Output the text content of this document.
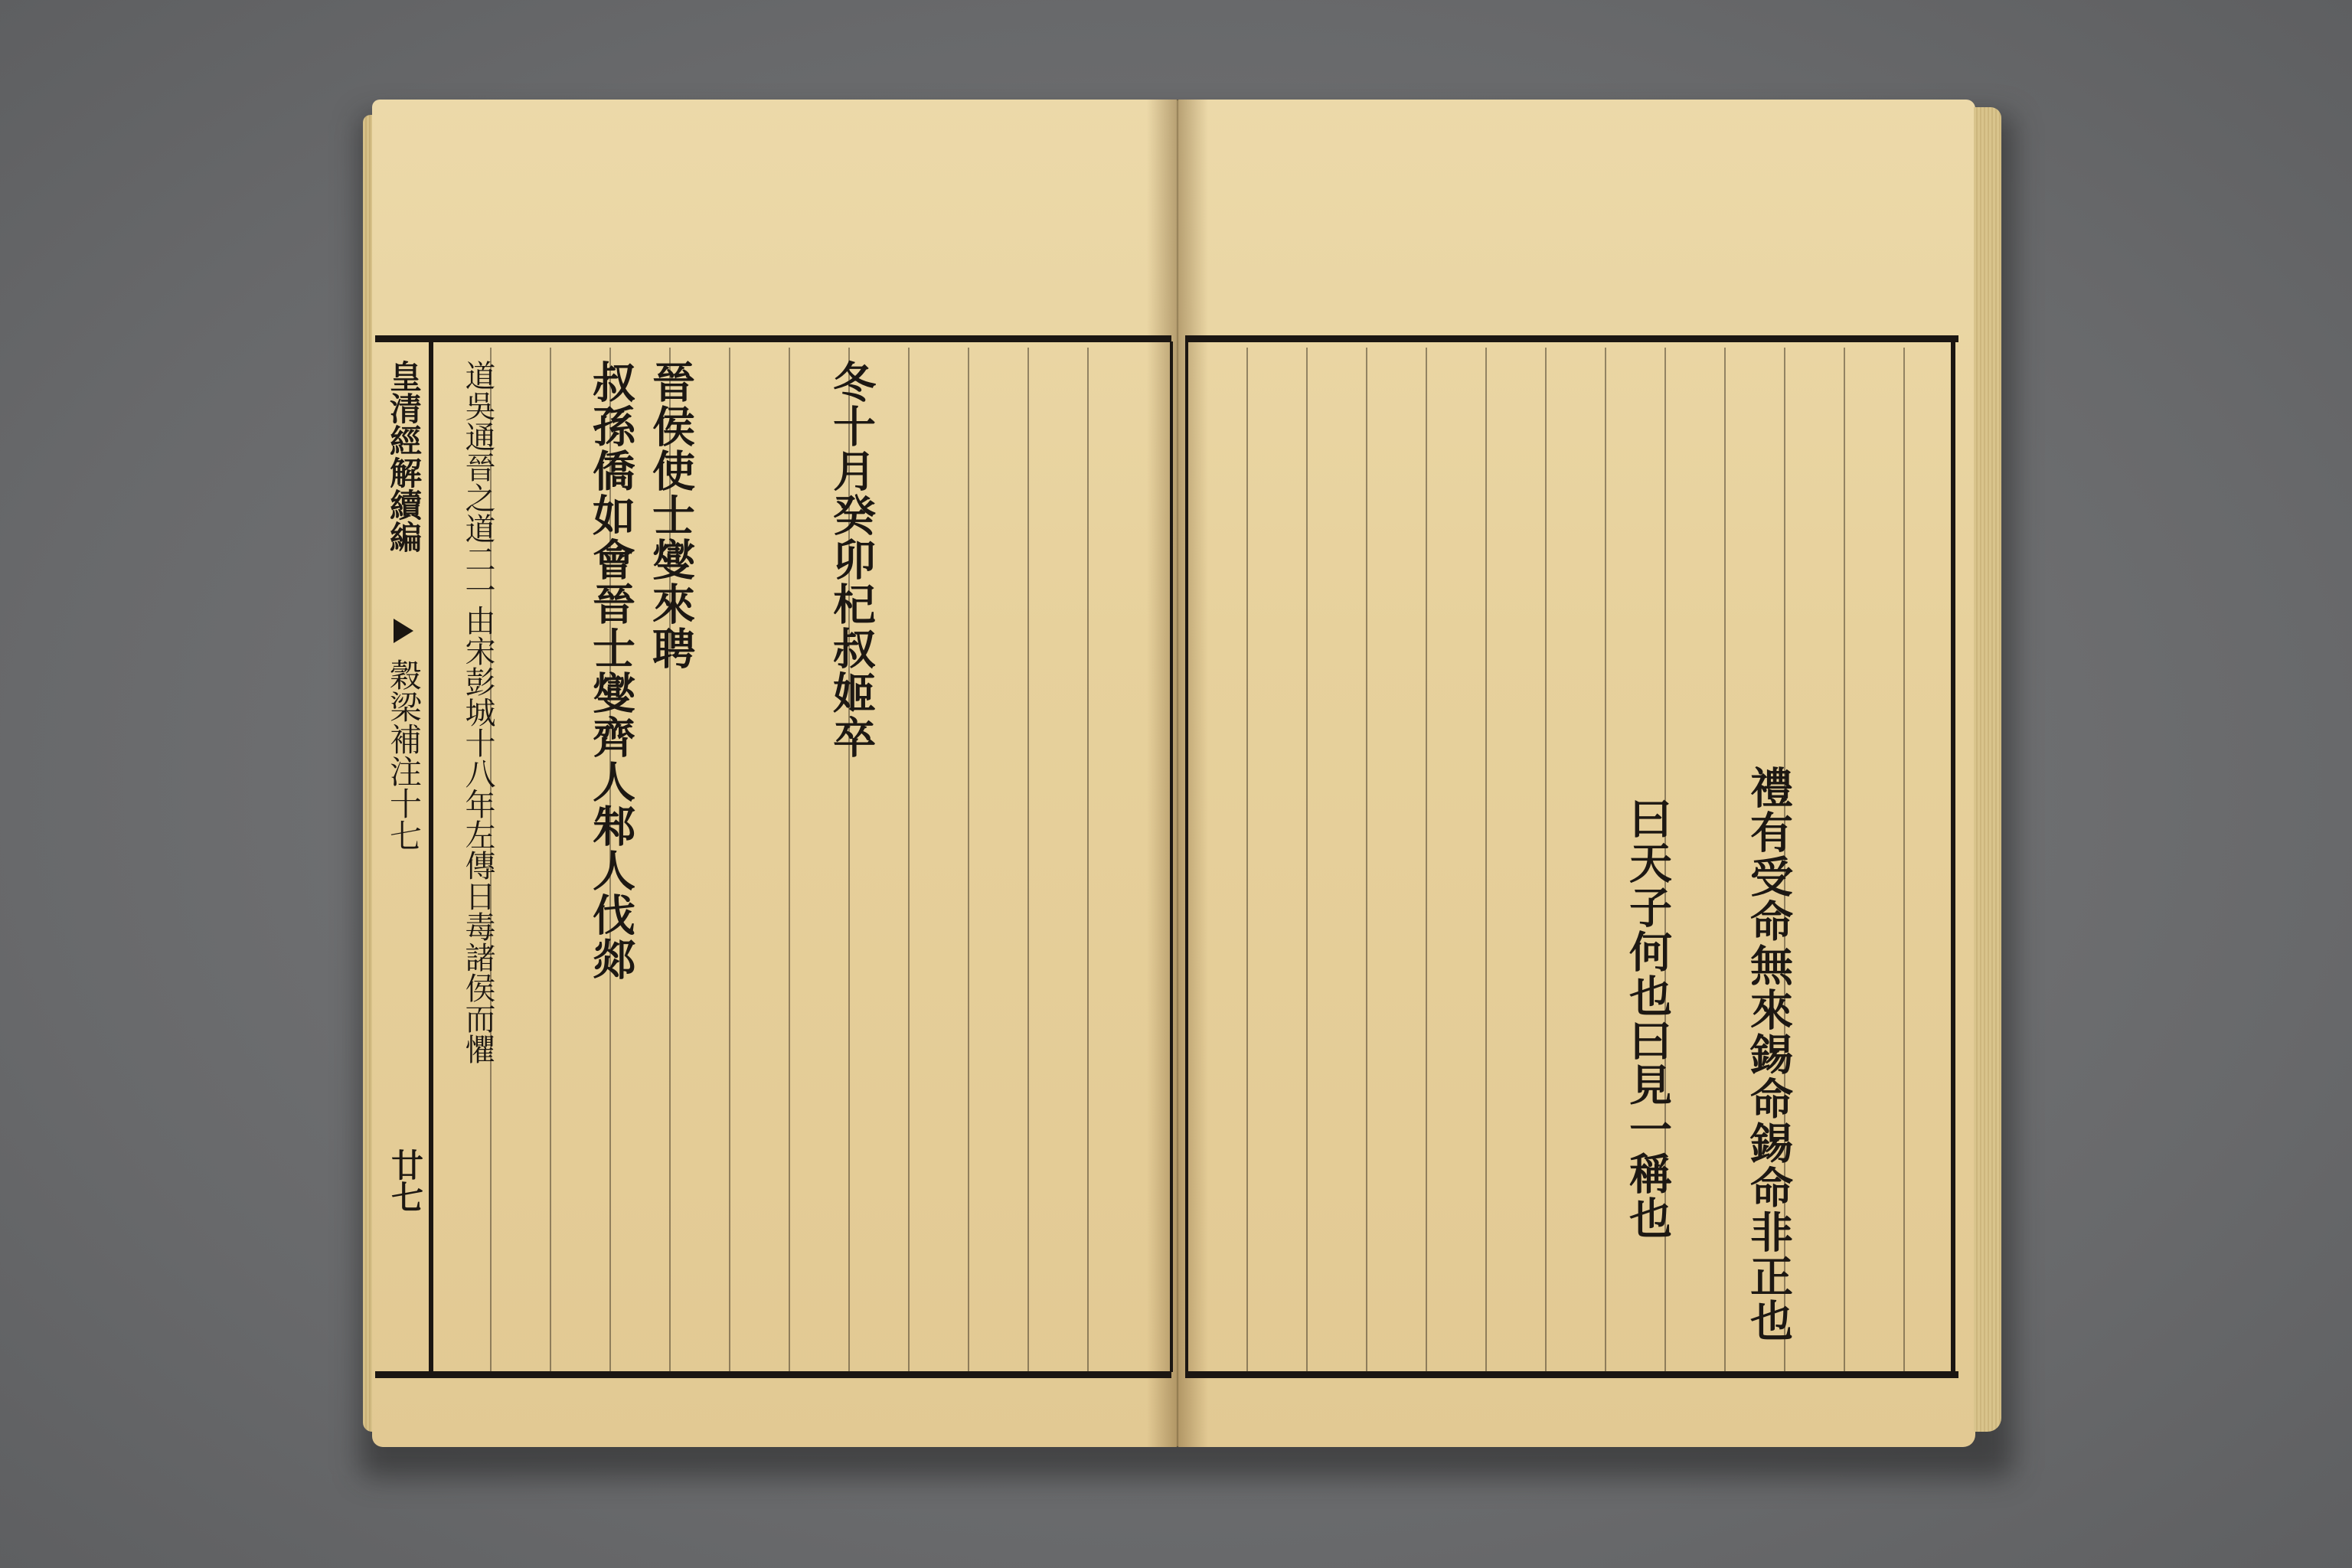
⠀
皇清經解續編
穀梁補注十七
廿七
叔孫僑如會晉士燮齊人邾人伐郯 晉侯使士燮來聘	冬十月癸卯杞叔姬卒
道吳通晉之道二一由宋彭城十八年左傳日毒諸侯而懼	曰天子何也曰見一稱也 禮有受命無來錫命錫命非正也
